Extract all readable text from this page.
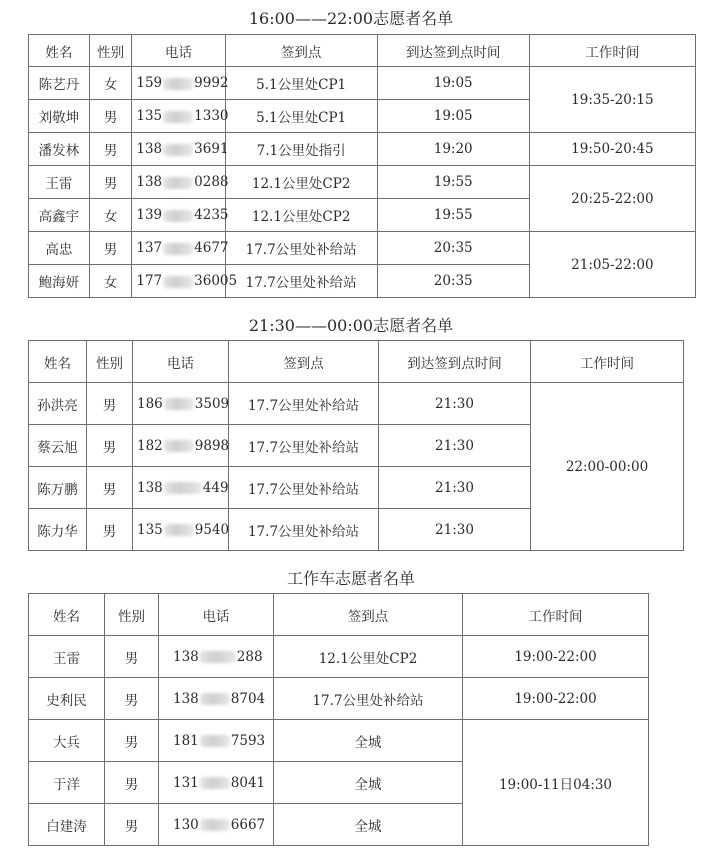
16:00——22:00志愿者名单
姓名	性别	电话	签到点	到达签到点时间	工作时间
陈艺丹	女	159 9992	5.1公里处CP1	19:05	19:35-20:15
刘敬坤	男	135 1330	5.1公里处CP1	19:05	
潘发林	男	138 3691	7.1公里处指引	19:20	19:50-20:45
王雷	男	138 0288	12.1公里处CP2	19:55	20:25-22:00
高鑫宇	女	139 4235	12.1公里处CP2	19:55	
高忠	男	137 4677	17.7公里处补给站	20:35	21:05-22:00
鲍海妍	女	177 36005	17.7公里处补给站	20:35	
21:30——00:00志愿者名单
姓名	性别	电话	签到点	到达签到点时间	工作时间
孙洪亮	男	186 3509	17.7公里处补给站	21:30	22:00-00:00
蔡云旭	男	182 9898	17.7公里处补给站	21:30	
陈万鹏	男	138 449	17.7公里处补给站	21:30	
陈力华	男	135 9540	17.7公里处补给站	21:30	
工作车志愿者名单
姓名	性别	电话	签到点	工作时间
王雷	男	138 288	12.1公里处CP2	19:00-22:00
史利民	男	138 8704	17.7公里处补给站	19:00-22:00
大兵	男	181 7593	全城	19:00-11日04:30
于洋	男	131 8041	全城	
白建涛	男	130 6667	全城	
